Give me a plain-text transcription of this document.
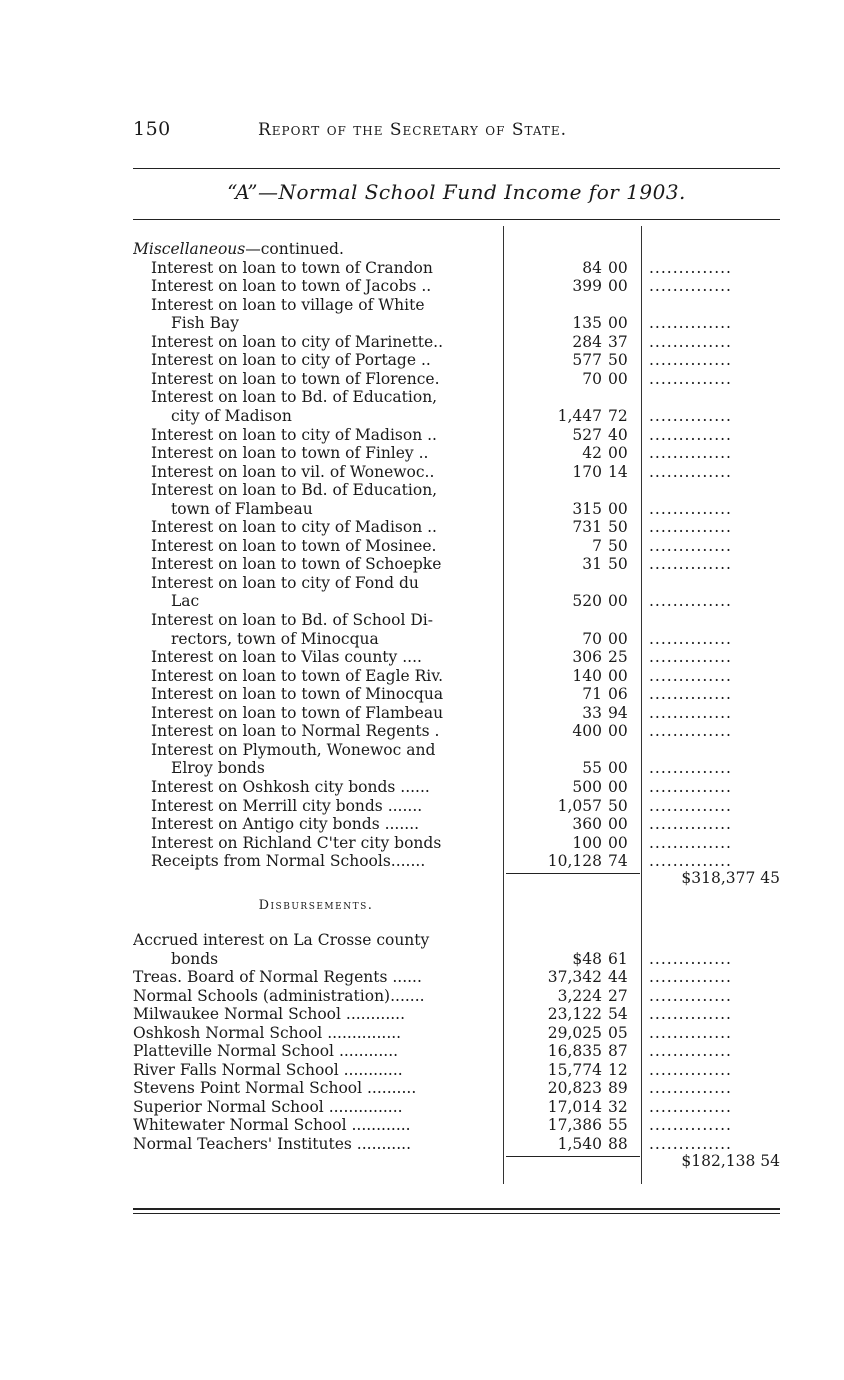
150	Report of the Secretary of State.
“A”—Normal School Fund Income for 1903.
Miscellaneous—continued.
Interest on loan to town of Crandon	84 00 ..............
Interest on loan to town of Jacobs ..	399 00 ..............
Interest on loan to village of White
Fish Bay	135 00 ..............
Interest on loan to city of Marinette..	284 37 ..............
Interest on loan to city of Portage ..	577 50 ..............
Interest on loan to town of Florence.	70 00 ..............
Interest on loan to Bd. of Education,
city of Madison	1,447 72 ..............
Interest on loan to city of Madison ..	527 40 ..............
Interest on loan to town of Finley ..	42 00 ..............
Interest on loan to vil. of Wonewoc..	170 14 ..............
Interest on loan to Bd. of Education,
town of Flambeau	315 00 ..............
Interest on loan to city of Madison ..	731 50 ..............
Interest on loan to town of Mosinee.	7 50 ..............
Interest on loan to town of Schoepke	31 50 ..............
Interest on loan to city of Fond du
Lac	520 00 ..............
Interest on loan to Bd. of School Di-
rectors, town of Minocqua	70 00 ..............
Interest on loan to Vilas county ....	306 25 ..............
Interest on loan to town of Eagle Riv.	140 00 ..............
Interest on loan to town of Minocqua	71 06 ..............
Interest on loan to town of Flambeau	33 94 ..............
Interest on loan to Normal Regents .	400 00 ..............
Interest on Plymouth, Wonewoc and
Elroy bonds	55 00 ..............
Interest on Oshkosh city bonds ......	500 00 ..............
Interest on Merrill city bonds .......	1,057 50 ..............
Interest on Antigo city bonds .......	360 00 ..............
Interest on Richland C'ter city bonds	100 00 ..............
Receipts from Normal Schools.......	10,128 74 ..............
$318,377 45
Disbursements.
Accrued interest on La Crosse county
bonds	$48 61 ..............
Treas. Board of Normal Regents ......	37,342 44 ..............
Normal Schools (administration).......	3,224 27 ..............
Milwaukee Normal School ............	23,122 54 ..............
Oshkosh Normal School ...............	29,025 05 ..............
Platteville Normal School ............	16,835 87 ..............
River Falls Normal School ............	15,774 12 ..............
Stevens Point Normal School ..........	20,823 89 ..............
Superior Normal School ...............	17,014 32 ..............
Whitewater Normal School ............	17,386 55 ..............
Normal Teachers' Institutes ...........	1,540 88 ..............
$182,138 54
